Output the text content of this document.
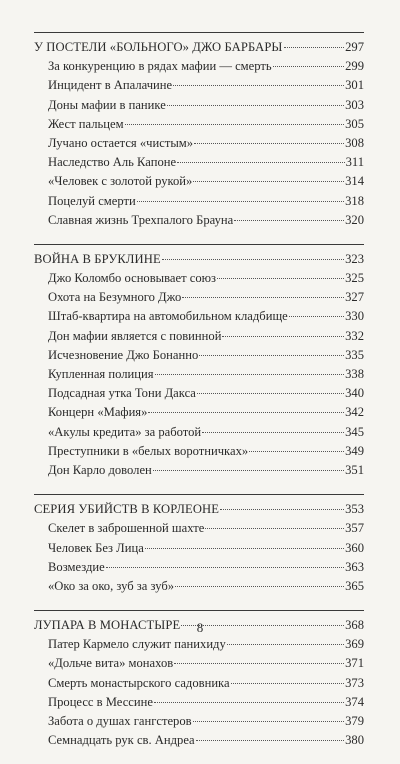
У ПОСТЕЛИ «БОЛЬНОГО» ДЖО БАРБАРЫ	297
За конкуренцию в рядах мафии — смерть	299
Инцидент в Апалачине	301
Доны мафии в панике	303
Жест пальцем	305
Лучано остается «чистым»	308
Наследство Аль Капоне	311
«Человек с золотой рукой»	314
Поцелуй смерти	318
Славная жизнь Трехпалого Брауна	320
ВОЙНА В БРУКЛИНЕ	323
Джо Коломбо основывает союз	325
Охота на Безумного Джо	327
Штаб-квартира на автомобильном кладбище	330
Дон мафии является с повинной	332
Исчезновение Джо Бонанно	335
Купленная полиция	338
Подсадная утка Тони Дакса	340
Концерн «Мафия»	342
«Акулы кредита» за работой	345
Преступники в «белых воротничках»	349
Дон Карло доволен	351
СЕРИЯ УБИЙСТВ В КОРЛЕОНЕ	353
Скелет в заброшенной шахте	357
Человек Без Лица	360
Возмездие	363
«Око за око, зуб за зуб»	365
ЛУПАРА В МОНАСТЫРЕ	368
Патер Кармело служит панихиду	369
«Дольче вита» монахов	371
Смерть монастырского садовника	373
Процесс в Мессине	374
Забота о душах гангстеров	379
Семнадцать рук св. Андреа	380
8
